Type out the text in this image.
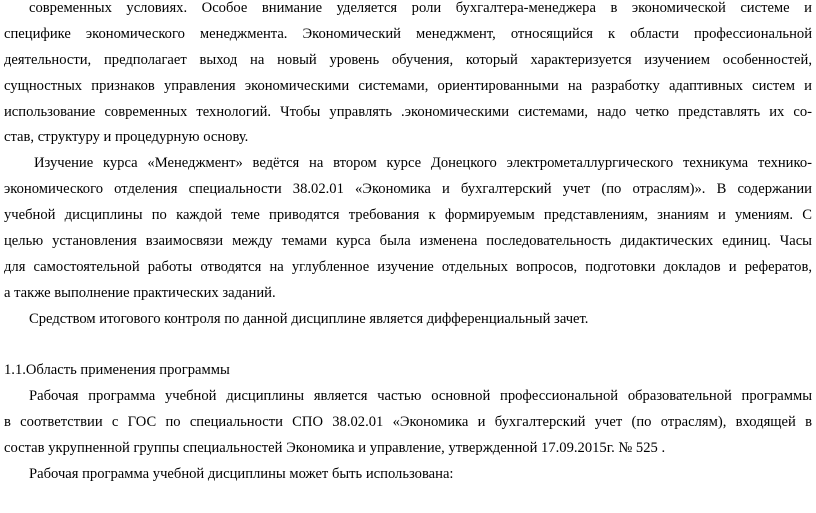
современных условиях. Особое внимание уделяется роли бухгалтера-менеджера в экономической системе и
специфике экономического менеджмента. Экономический менеджмент, относящийся к области профессиональной
деятельности, предполагает выход на новый уровень обучения, который характеризуется изучением особенностей,
сущностных признаков управления экономическими системами, ориентированными на разработку адаптивных систем и
использование современных технологий. Чтобы управлять .экономическими системами, надо четко представлять их со-
став, структуру и процедурную основу.
Изучение курса «Менеджмент» ведётся на втором курсе Донецкого электрометаллургического техникума технико-
экономического отделения специальности 38.02.01 «Экономика и бухгалтерский учет (по отраслям)». В содержании
учебной дисциплины по каждой теме приводятся требования к формируемым представлениям, знаниям и умениям. С
целью установления взаимосвязи между темами курса была изменена последовательность дидактических единиц. Часы
для самостоятельной работы отводятся на углубленное изучение отдельных вопросов, подготовки докладов и рефератов,
а также выполнение практических заданий.
Средством итогового контроля по данной дисциплине является дифференциальный зачет.
1.1.Область применения программы
Рабочая программа учебной дисциплины является частью основной профессиональной образовательной программы
в соответствии с ГОС по специальности СПО 38.02.01 «Экономика и бухгалтерский учет (по отраслям), входящей в
состав укрупненной группы специальностей Экономика и управление, утвержденной 17.09.2015г. № 525 .
Рабочая программа учебной дисциплины может быть использована:
